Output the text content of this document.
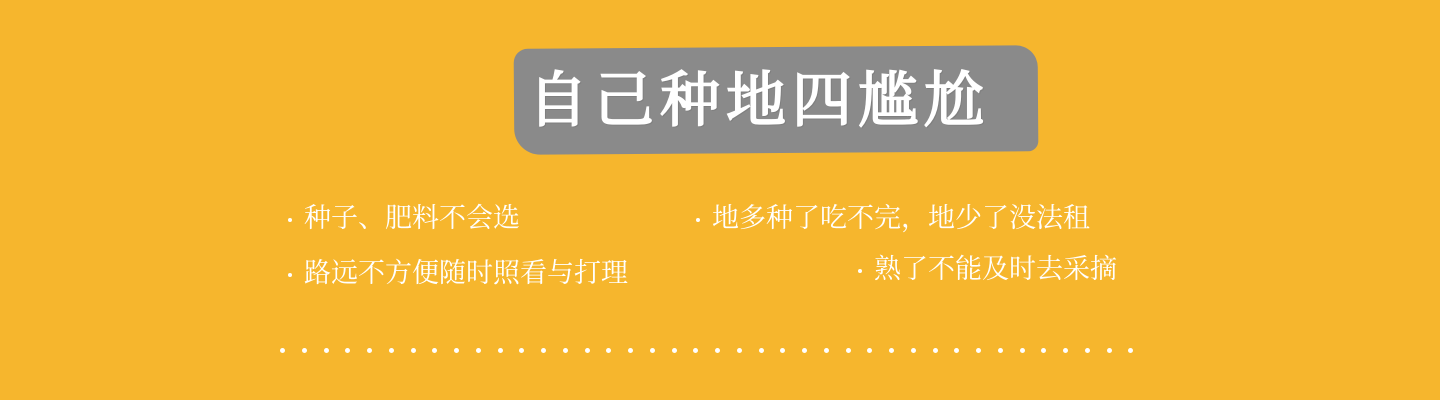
自己种地四尴尬
种子、肥料不会选	地多种了吃不完，地少了没法租
路远不方便随时照看与打理	熟了不能及时去采摘
